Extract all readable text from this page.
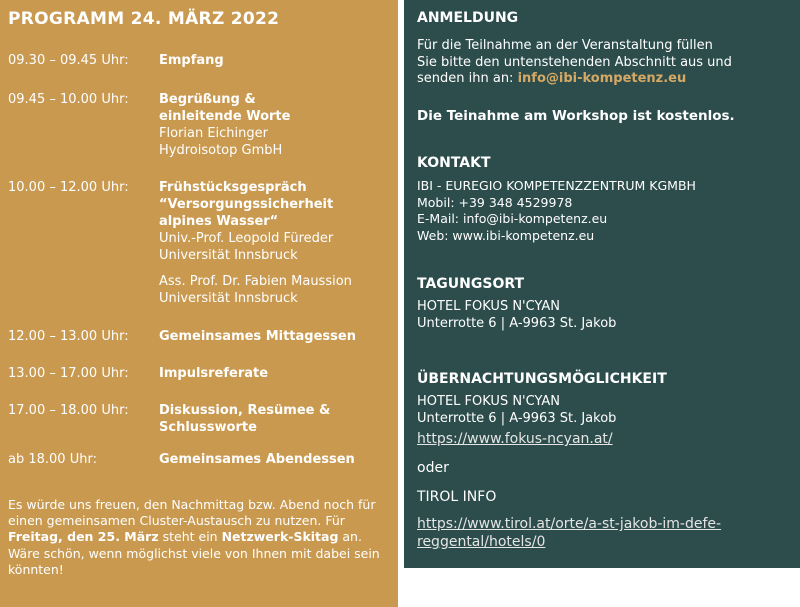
PROGRAMM 24. MÄRZ 2022
09.30 – 09.45 Uhr:	Empfang
09.45 – 10.00 Uhr:	Begrüßung &
einleitende Worte
Florian Eichinger
Hydroisotop GmbH
10.00 – 12.00 Uhr:	Frühstücksgespräch
“Versorgungssicherheit
alpines Wasser“
Univ.-Prof. Leopold Füreder
Universität Innsbruck
Ass. Prof. Dr. Fabien Maussion
Universität Innsbruck
12.00 – 13.00 Uhr:	Gemeinsames Mittagessen
13.00 – 17.00 Uhr:	Impulsreferate
17.00 – 18.00 Uhr:	Diskussion, Resümee &
Schlussworte
ab 18.00 Uhr:	Gemeinsames Abendessen
Es würde uns freuen, den Nachmittag bzw. Abend noch für einen gemeinsamen Cluster-Austausch zu nutzen. Für Freitag, den 25. März steht ein Netzwerk-Skitag an. Wäre schön, wenn möglichst viele von Ihnen mit dabei sein könnten!
ANMELDUNG
Für die Teilnahme an der Veranstaltung füllen
Sie bitte den untenstehenden Abschnitt aus und
senden ihn an: info@ibi-kompetenz.eu
Die Teinahme am Workshop ist kostenlos.
KONTAKT
IBI - EUREGIO KOMPETENZZENTRUM KGMBH
Mobil: +39 348 4529978
E-Mail: info@ibi-kompetenz.eu
Web: www.ibi-kompetenz.eu
TAGUNGSORT
HOTEL FOKUS N'CYAN
Unterrotte 6 | A-9963 St. Jakob
ÜBERNACHTUNGSMÖGLICHKEIT
HOTEL FOKUS N'CYAN
Unterrotte 6 | A-9963 St. Jakob
https://www.fokus-ncyan.at/
oder
TIROL INFO
https://www.tirol.at/orte/a-st-jakob-im-defe-
reggental/hotels/0
